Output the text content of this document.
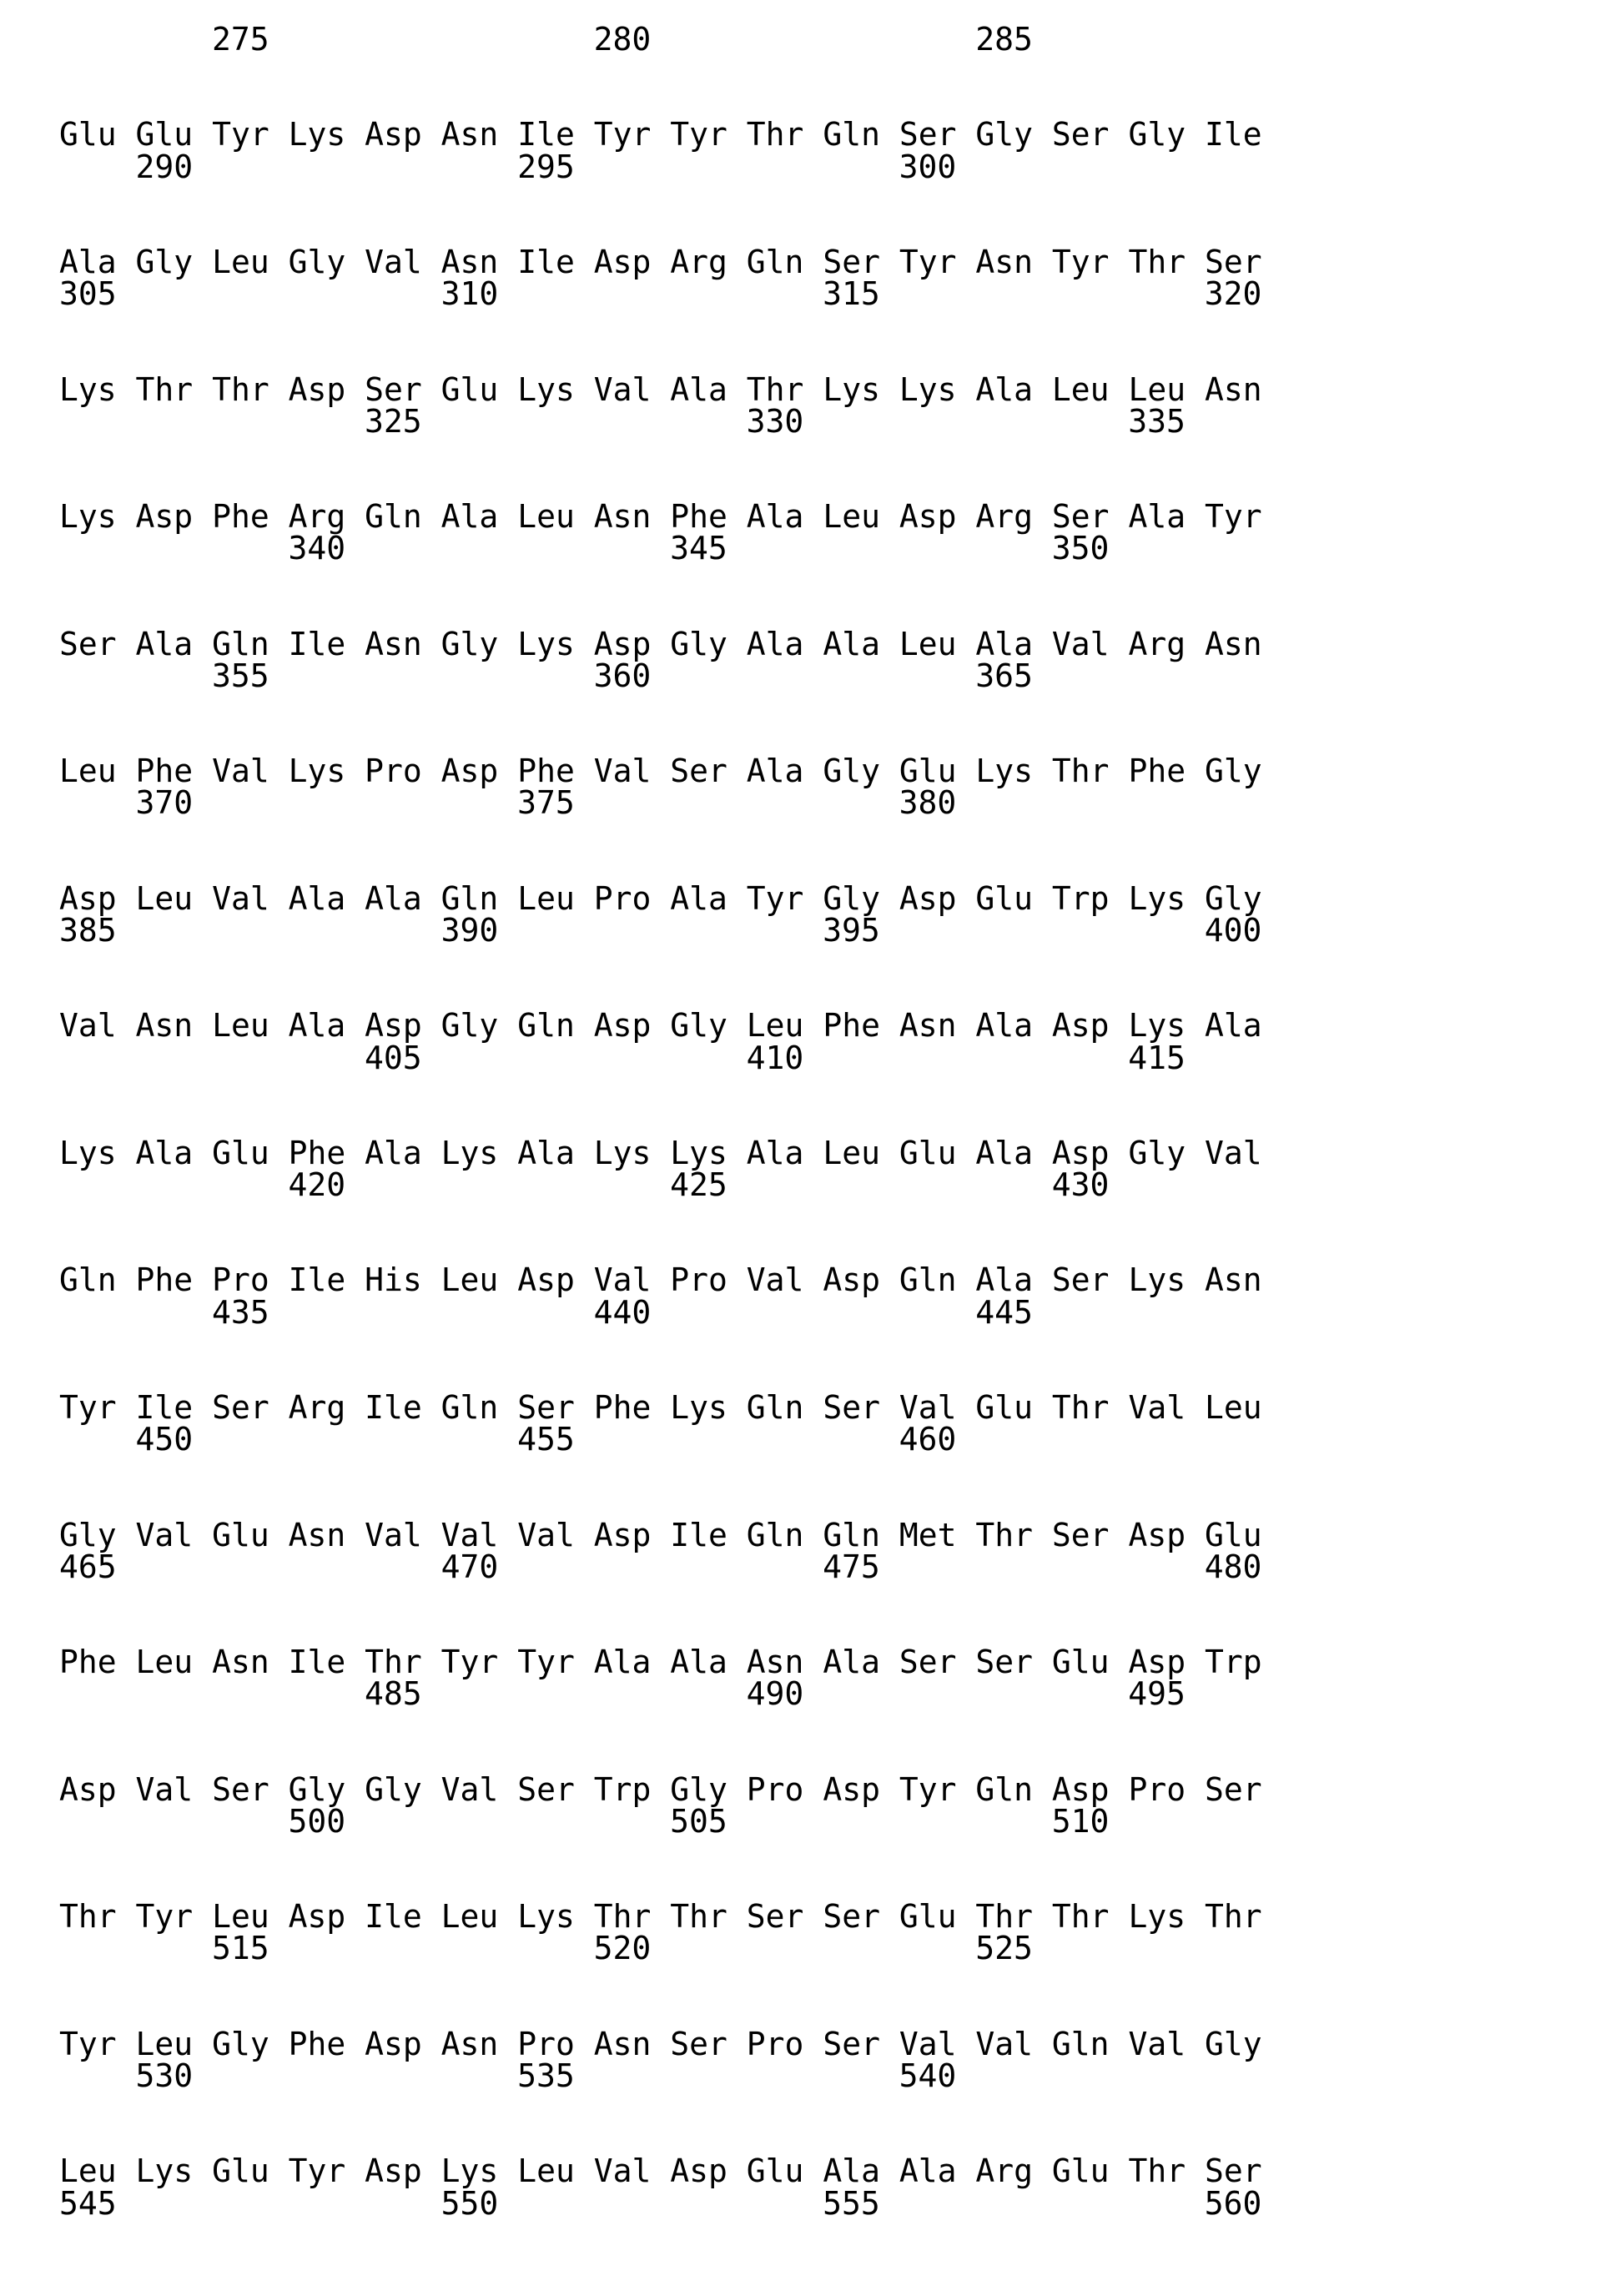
275	280	285
Glu Glu Tyr Lys Asp Asn Ile Tyr Tyr Thr Gln Ser Gly Ser Gly Ile
290	295	300
Ala Gly Leu Gly Val Asn Ile Asp Arg Gln Ser Tyr Asn Tyr Thr Ser
305	310	315	320
Lys Thr Thr Asp Ser Glu Lys Val Ala Thr Lys Lys Ala Leu Leu Asn
325	330	335
Lys Asp Phe Arg Gln Ala Leu Asn Phe Ala Leu Asp Arg Ser Ala Tyr
340	345	350
Ser Ala Gln Ile Asn Gly Lys Asp Gly Ala Ala Leu Ala Val Arg Asn
355	360	365
Leu Phe Val Lys Pro Asp Phe Val Ser Ala Gly Glu Lys Thr Phe Gly
370	375	380
Asp Leu Val Ala Ala Gln Leu Pro Ala Tyr Gly Asp Glu Trp Lys Gly
385	390	395	400
Val Asn Leu Ala Asp Gly Gln Asp Gly Leu Phe Asn Ala Asp Lys Ala
405	410	415
Lys Ala Glu Phe Ala Lys Ala Lys Lys Ala Leu Glu Ala Asp Gly Val
420	425	430
Gln Phe Pro Ile His Leu Asp Val Pro Val Asp Gln Ala Ser Lys Asn
435	440	445
Tyr Ile Ser Arg Ile Gln Ser Phe Lys Gln Ser Val Glu Thr Val Leu
450	455	460
Gly Val Glu Asn Val Val Val Asp Ile Gln Gln Met Thr Ser Asp Glu
465	470	475	480
Phe Leu Asn Ile Thr Tyr Tyr Ala Ala Asn Ala Ser Ser Glu Asp Trp
485	490	495
Asp Val Ser Gly Gly Val Ser Trp Gly Pro Asp Tyr Gln Asp Pro Ser
500	505	510
Thr Tyr Leu Asp Ile Leu Lys Thr Thr Ser Ser Glu Thr Thr Lys Thr
515	520	525
Tyr Leu Gly Phe Asp Asn Pro Asn Ser Pro Ser Val Val Gln Val Gly
530	535	540
Leu Lys Glu Tyr Asp Lys Leu Val Asp Glu Ala Ala Arg Glu Thr Ser
545	550	555	560
